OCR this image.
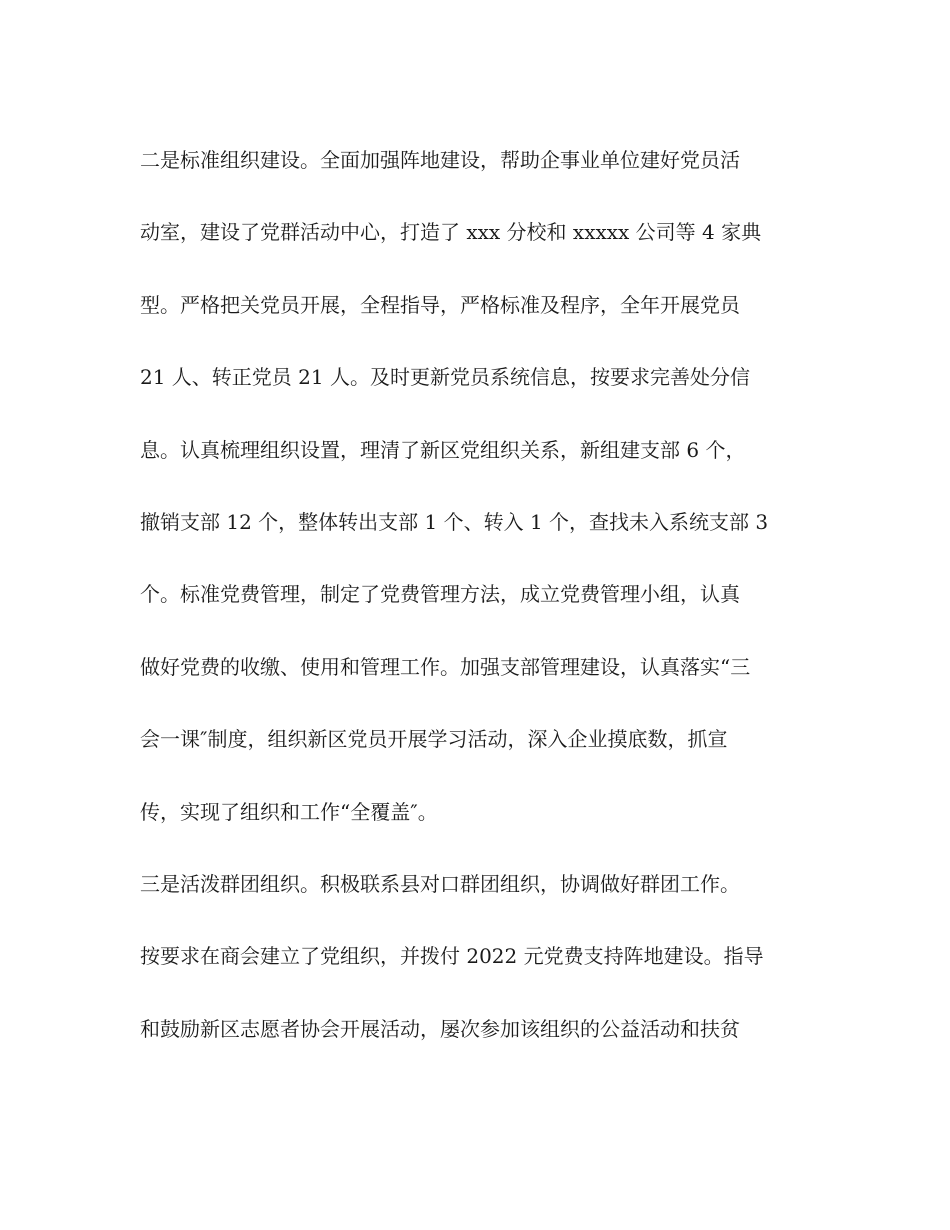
二是标准组织建设。全面加强阵地建设，帮助企事业单位建好党员活
动室，建设了党群活动中心，打造了 xxx 分校和 xxxxx 公司等 4 家典
型。严格把关党员开展，全程指导，严格标准及程序，全年开展党员
21 人、转正党员 21 人。及时更新党员系统信息，按要求完善处分信
息。认真梳理组织设置，理清了新区党组织关系，新组建支部 6 个，
撤销支部 12 个，整体转出支部 1 个、转入 1 个，查找未入系统支部 3
个。标准党费管理，制定了党费管理方法，成立党费管理小组，认真
做好党费的收缴、使用和管理工作。加强支部管理建设，认真落实“三
会一课″制度，组织新区党员开展学习活动，深入企业摸底数，抓宣
传，实现了组织和工作“全覆盖″。
三是活泼群团组织。积极联系县对口群团组织，协调做好群团工作。
按要求在商会建立了党组织，并拨付 2022 元党费支持阵地建设。指导
和鼓励新区志愿者协会开展活动，屡次参加该组织的公益活动和扶贫
